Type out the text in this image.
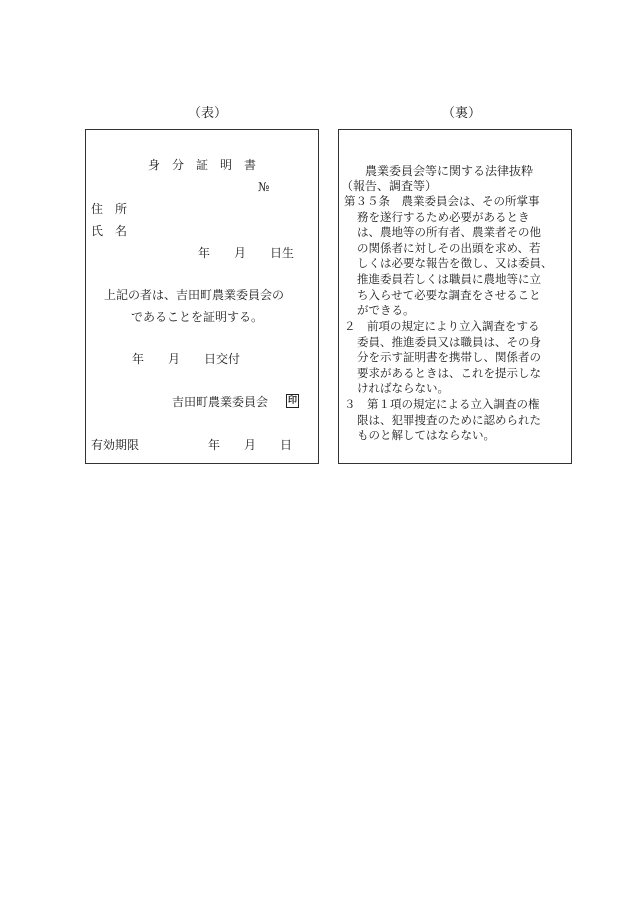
（表）	（裏）
身分証明書
№
住　所
氏　名
年　　月　　日生
上記の者は、吉田町農業委員会の
であることを証明する。
年　　月　　日交付
吉田町農業委員会 印
有効期限	年　　月　　日
農業委員会等に関する法律抜粋
（報告、調査等）
第３５条　農業委員会は、その所掌事
務を遂行するため必要があるとき
は、農地等の所有者、農業者その他
の関係者に対しその出頭を求め、若
しくは必要な報告を徴し、又は委員、
推進委員若しくは職員に農地等に立
ち入らせて必要な調査をさせること
ができる。
２　前項の規定により立入調査をする
委員、推進委員又は職員は、その身
分を示す証明書を携帯し、関係者の
要求があるときは、これを提示しな
ければならない。
３　第１項の規定による立入調査の権
限は、犯罪捜査のために認められた
ものと解してはならない。
